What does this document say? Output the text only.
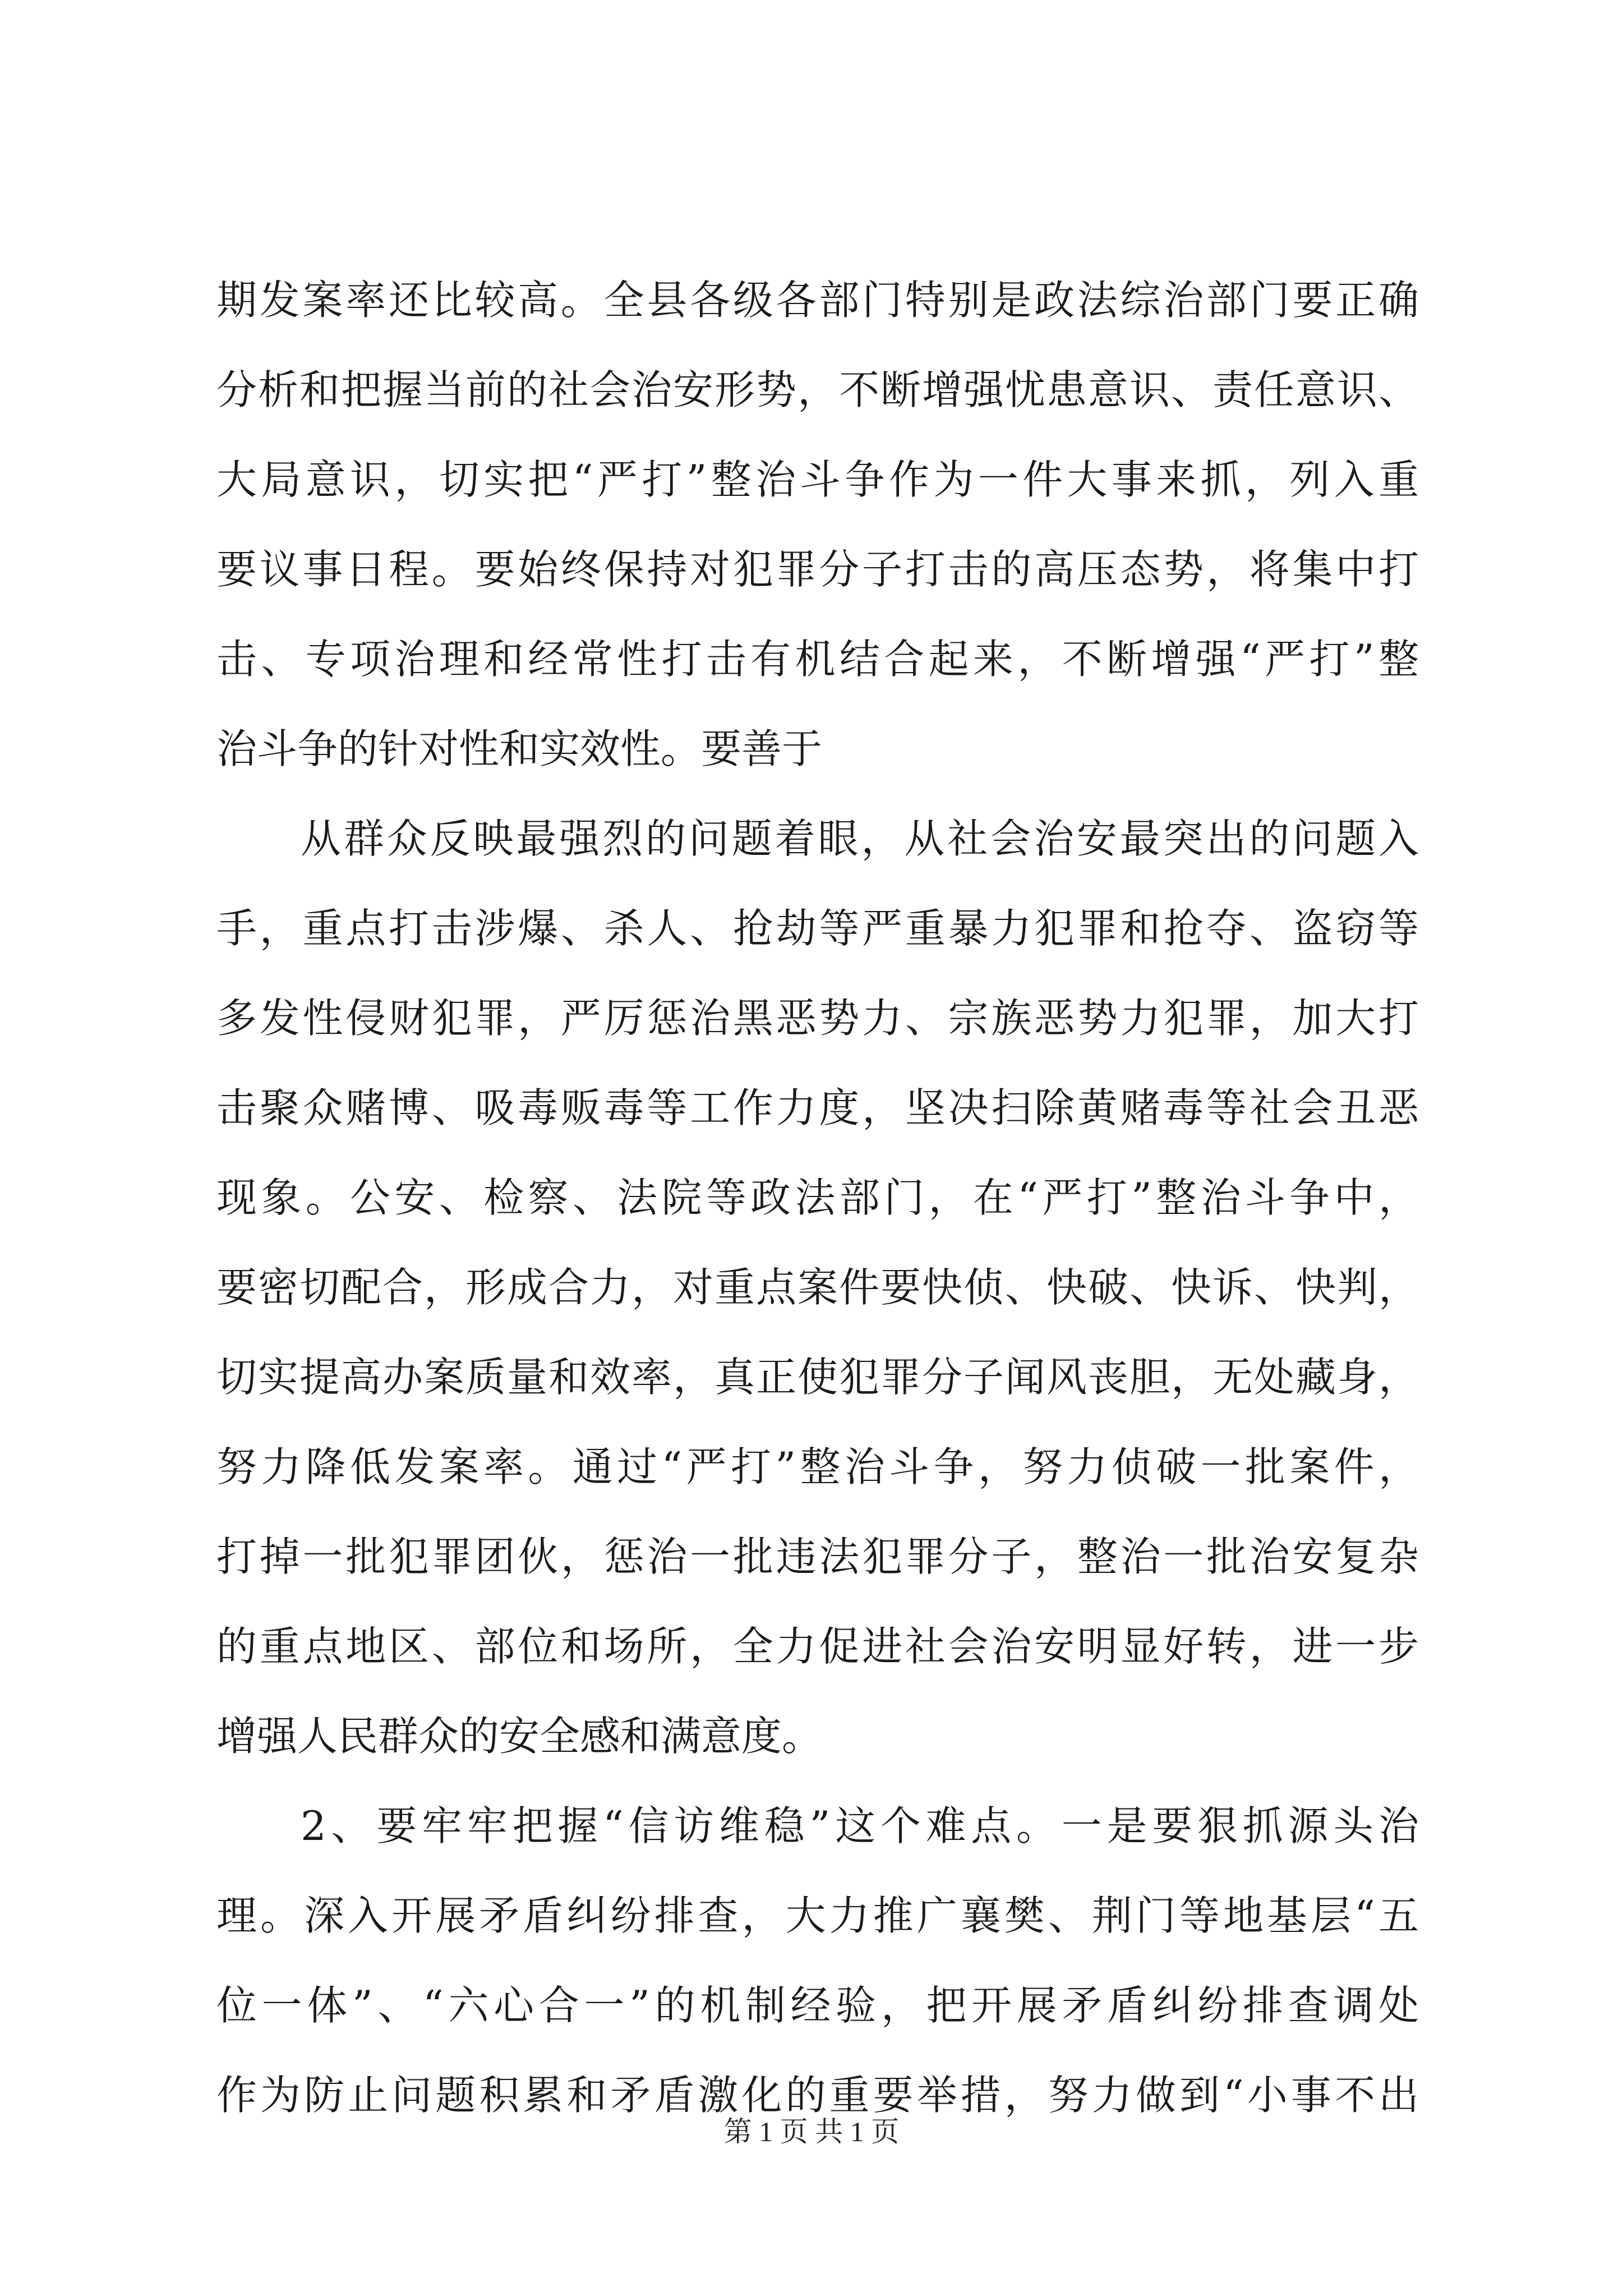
期发案率还比较高。全县各级各部门特别是政法综治部门要正确
分析和把握当前的社会治安形势，不断增强忧患意识、责任意识、
大局意识，切实把“严打”整治斗争作为一件大事来抓，列入重
要议事日程。要始终保持对犯罪分子打击的高压态势，将集中打
击、专项治理和经常性打击有机结合起来，不断增强“严打”整
治斗争的针对性和实效性。要善于
从群众反映最强烈的问题着眼，从社会治安最突出的问题入
手，重点打击涉爆、杀人、抢劫等严重暴力犯罪和抢夺、盗窃等
多发性侵财犯罪，严厉惩治黑恶势力、宗族恶势力犯罪，加大打
击聚众赌博、吸毒贩毒等工作力度，坚决扫除黄赌毒等社会丑恶
现象。公安、检察、法院等政法部门，在“严打”整治斗争中，
要密切配合，形成合力，对重点案件要快侦、快破、快诉、快判，
切实提高办案质量和效率，真正使犯罪分子闻风丧胆，无处藏身，
努力降低发案率。通过“严打”整治斗争，努力侦破一批案件，
打掉一批犯罪团伙，惩治一批违法犯罪分子，整治一批治安复杂
的重点地区、部位和场所，全力促进社会治安明显好转，进一步
增强人民群众的安全感和满意度。
2、要牢牢把握“信访维稳”这个难点。一是要狠抓源头治
理。深入开展矛盾纠纷排查，大力推广襄樊、荆门等地基层“五
位一体”、“六心合一”的机制经验，把开展矛盾纠纷排查调处
作为防止问题积累和矛盾激化的重要举措，努力做到“小事不出
第 1 页 共 1 页
